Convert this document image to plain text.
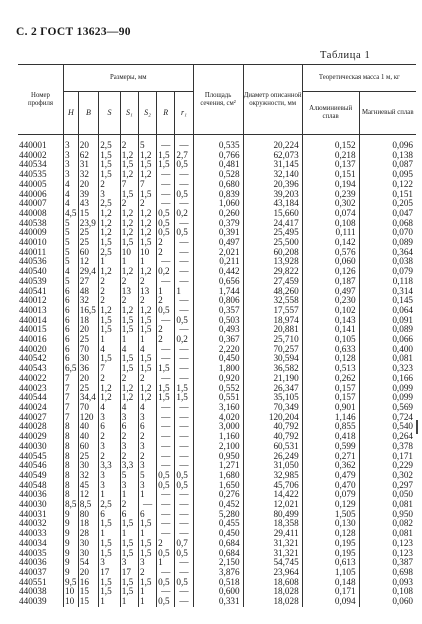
С. 2 ГОСТ 13623—90
Таблица 1
Номер профиля	Размеры, мм							Площадь сечения, см²	Диаметр описанной окружности, мм	Теоретическая масса 1 м, кг	
	H	B	S	S₁	S₂	R	r₁			Алюминиевый сплав	Магниевый сплав

440001	3	20	2,5	2	5	—	—	0,535	20,224	0,152	0,096
440002	3	62	1,5	1,2	1,2	1,5	2,7	0,766	62,073	0,218	0,138
440534	3	31	1,5	1,5	1,5	1,5	0,5	0,481	31,145	0,137	0,087
440535	3	32	1,5	1,2	1,2	—	—	0,528	32,140	0,151	0,095
440005	4	20	2	7	7	—	—	0,680	20,396	0,194	0,122
440006	4	39	3	1,5	1,5	—	0,5	0,839	39,203	0,239	0,151
440007	4	43	2,5	2	2	—	—	1,060	43,184	0,302	0,205
440008	4,5	15	1,2	1,2	1,2	0,5	0,2	0,260	15,660	0,074	0,047
440538	5	23,9	1,2	1,2	1,2	0,5	—	0,379	24,417	0,108	0,068
440009	5	25	1,2	1,2	1,2	0,5	0,5	0,391	25,495	0,111	0,070
440010	5	25	1,5	1,5	1,5	2	—	0,497	25,500	0,142	0,089
440011	5	60	2,5	10	10	2	—	2,021	60,208	0,576	0,364
440536	5	12	1	1	1	—	—	0,211	13,928	0,060	0,038
440540	4	29,4	1,2	1,2	1,2	0,2	—	0,442	29,822	0,126	0,079
440539	5	27	2	2	2	—	—	0,656	27,459	0,187	0,118
440541	6	48	2	13	13	1	1	1,744	48,260	0,497	0,314
440012	6	32	2	2	2	2	—	0,806	32,558	0,230	0,145
440013	6	16,5	1,2	1,2	1,2	0,5	—	0,357	17,557	0,102	0,064
440014	6	18	1,5	1,5	1,5	—	0,5	0,503	18,974	0,143	0,091
440015	6	20	1,5	1,5	1,5	2	—	0,493	20,881	0,141	0,089
440016	6	25	1	1	1	2	0,2	0,367	25,710	0,105	0,066
440020	6	70	4	4	4	—	—	2,220	70,257	0,633	0,400
440542	6	30	1,5	1,5	1,5	—	—	0,450	30,594	0,128	0,081
440543	6,5	36	7	1,5	1,5	1,5	—	1,800	36,582	0,513	0,323
440022	7	20	2	2	2	—	—	0,920	21,190	0,262	0,166
440023	7	25	1,2	1,2	1,2	1,5	1,5	0,552	26,347	0,157	0,099
440544	7	34,4	1,2	1,2	1,2	1,5	1,5	0,551	35,105	0,157	0,099
440024	7	70	4	4	4	—	—	3,160	70,349	0,901	0,569
440027	7	120	3	3	3	—	—	4,020	120,204	1,146	0,724
440028	8	40	6	6	6	—	—	3,000	40,792	0,855	0,540
440029	8	40	2	2	2	—	—	1,160	40,792	0,418	0,264
440030	8	60	3	3	3	—	—	2,100	60,531	0,599	0,378
440545	8	25	2	2	2	—	—	0,950	26,249	0,271	0,171
440546	8	30	3,3	3,3	3	—	—	1,271	31,050	0,362	0,229
440549	8	32	3	5	5	0,5	0,5	1,680	32,985	0,479	0,302
440548	8	45	3	3	3	0,5	0,5	1,650	45,706	0,470	0,297
440036	8	12	1	1	1	—	—	0,276	14,422	0,079	0,050
440030	8,5	8,5	2,5	2	—	—	—	0,452	12,021	0,129	0,081
440031	9	80	6	6	6	—	—	5,280	80,499	1,505	0,950
440032	9	18	1,5	1,5	1,5	—	—	0,455	18,358	0,130	0,082
440033	9	28	1	1	1	—	—	0,450	29,411	0,128	0,081
440034	9	30	1,5	1,5	1,5	2	0,7	0,684	31,321	0,195	0,123
440035	9	30	1,5	1,5	1,5	0,5	0,5	0,684	31,321	0,195	0,123
440036	9	54	3	3	3	1	—	2,150	54,745	0,613	0,387
440037	9	20	17	17	2	—	—	3,876	23,964	1,105	0,698
440551	9,5	16	1,5	1,5	1,5	0,5	0,5	0,518	18,608	0,148	0,093
440038	10	15	1,5	1,5	1	—	—	0,600	18,028	0,171	0,108
440039	10	15	1	1	1	0,5	—	0,331	18,028	0,094	0,060
